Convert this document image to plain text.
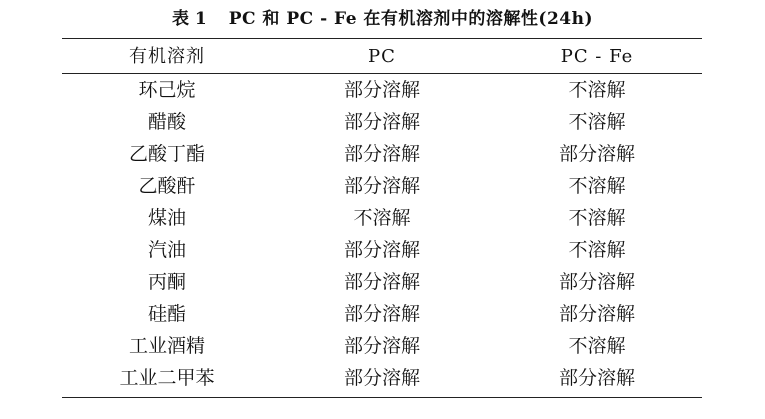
表 1 PC 和 PC - Fe 在有机溶剂中的溶解性(24h)
有机溶剂	PC	PC - Fe
环己烷	部分溶解	不溶解
醋酸	部分溶解	不溶解
乙酸丁酯	部分溶解	部分溶解
乙酸酐	部分溶解	不溶解
煤油	不溶解	不溶解
汽油	部分溶解	不溶解
丙酮	部分溶解	部分溶解
硅酯	部分溶解	部分溶解
工业酒精	部分溶解	不溶解
工业二甲苯	部分溶解	部分溶解
